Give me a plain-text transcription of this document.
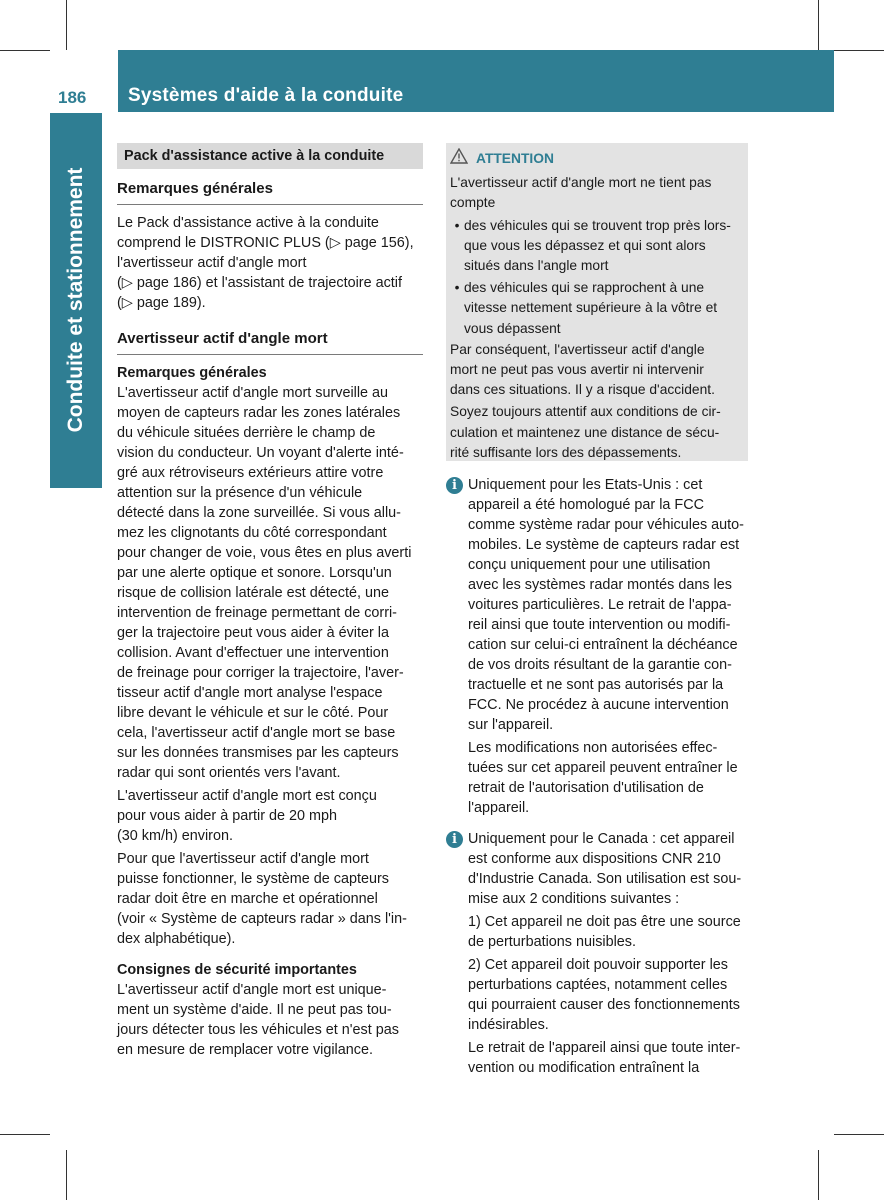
186 Systèmes d'aide à la conduite
Conduite et stationnement
Pack d'assistance active à la conduite
Remarques générales

Le Pack d'assistance active à la conduite
comprend le DISTRONIC PLUS (▷ page 156),
l'avertisseur actif d'angle mort
(▷ page 186) et l'assistant de trajectoire actif
(▷ page 189).

Avertisseur actif d'angle mort
Remarques générales

L'avertisseur actif d'angle mort surveille au
moyen de capteurs radar les zones latérales
du véhicule situées derrière le champ de
vision du conducteur. Un voyant d'alerte inté-
gré aux rétroviseurs extérieurs attire votre
attention sur la présence d'un véhicule
détecté dans la zone surveillée. Si vous allu-
mez les clignotants du côté correspondant
pour changer de voie, vous êtes en plus averti
par une alerte optique et sonore. Lorsqu'un
risque de collision latérale est détecté, une
intervention de freinage permettant de corri-
ger la trajectoire peut vous aider à éviter la
collision. Avant d'effectuer une intervention
de freinage pour corriger la trajectoire, l'aver-
tisseur actif d'angle mort analyse l'espace
libre devant le véhicule et sur le côté. Pour
cela, l'avertisseur actif d'angle mort se base
sur les données transmises par les capteurs
radar qui sont orientés vers l'avant.

L'avertisseur actif d'angle mort est conçu
pour vous aider à partir de 20 mph
(30 km/h) environ.

Pour que l'avertisseur actif d'angle mort
puisse fonctionner, le système de capteurs
radar doit être en marche et opérationnel
(voir « Système de capteurs radar » dans l'in-
dex alphabétique).

Consignes de sécurité importantes

L'avertisseur actif d'angle mort est unique-
ment un système d'aide. Il ne peut pas tou-
jours détecter tous les véhicules et n'est pas
en mesure de remplacer votre vigilance.

ATTENTION

L'avertisseur actif d'angle mort ne tient pas
compte

• des véhicules qui se trouvent trop près lors-
que vous les dépassez et qui sont alors
situés dans l'angle mort
• des véhicules qui se rapprochent à une
vitesse nettement supérieure à la vôtre et
vous dépassent

Par conséquent, l'avertisseur actif d'angle
mort ne peut pas vous avertir ni intervenir
dans ces situations. Il y a risque d'accident.

Soyez toujours attentif aux conditions de cir-
culation et maintenez une distance de sécu-
rité suffisante lors des dépassements.

i Uniquement pour les Etats-Unis : cet
appareil a été homologué par la FCC
comme système radar pour véhicules auto-
mobiles. Le système de capteurs radar est
conçu uniquement pour une utilisation
avec les systèmes radar montés dans les
voitures particulières. Le retrait de l'appa-
reil ainsi que toute intervention ou modifi-
cation sur celui-ci entraînent la déchéance
de vos droits résultant de la garantie con-
tractuelle et ne sont pas autorisés par la
FCC. Ne procédez à aucune intervention
sur l'appareil.

Les modifications non autorisées effec-
tuées sur cet appareil peuvent entraîner le
retrait de l'autorisation d'utilisation de
l'appareil.

i Uniquement pour le Canada : cet appareil
est conforme aux dispositions CNR 210
d'Industrie Canada. Son utilisation est sou-
mise aux 2 conditions suivantes :

1) Cet appareil ne doit pas être une source
de perturbations nuisibles.

2) Cet appareil doit pouvoir supporter les
perturbations captées, notamment celles
qui pourraient causer des fonctionnements
indésirables.

Le retrait de l'appareil ainsi que toute inter-
vention ou modification entraînent la
